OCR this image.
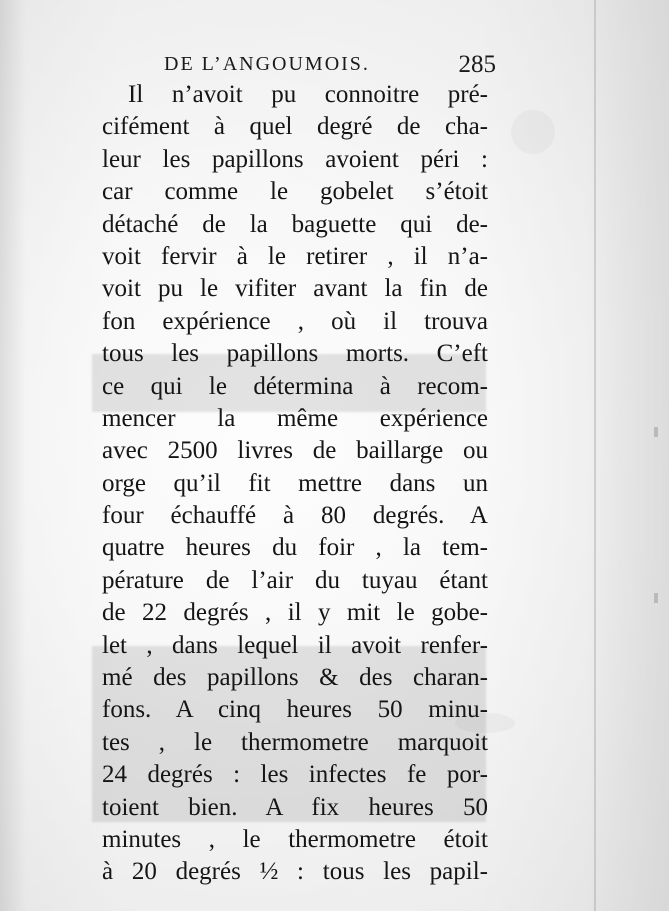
DE L’ANGOUMOIS.	285
Il n’avoit pu connoitre pré-
cifément à quel degré de cha-
leur les papillons avoient péri :
car comme le gobelet s’étoit
détaché de la baguette qui de-
voit fervir à le retirer , il n’a-
voit pu le vifiter avant la fin de
fon expérience , où il trouva
tous les papillons morts. C’eft
ce qui le détermina à recom-
mencer la même expérience
avec 2500 livres de baillarge ou
orge qu’il fit mettre dans un
four échauffé à 80 degrés. A
quatre heures du foir , la tem-
pérature de l’air du tuyau étant
de 22 degrés , il y mit le gobe-
let , dans lequel il avoit renfer-
mé des papillons & des charan-
fons. A cinq heures 50 minu-
tes , le thermometre marquoit
24 degrés : les infectes fe por-
toient bien. A fix heures 50
minutes , le thermometre étoit
à 20 degrés ½ : tous les papil-
